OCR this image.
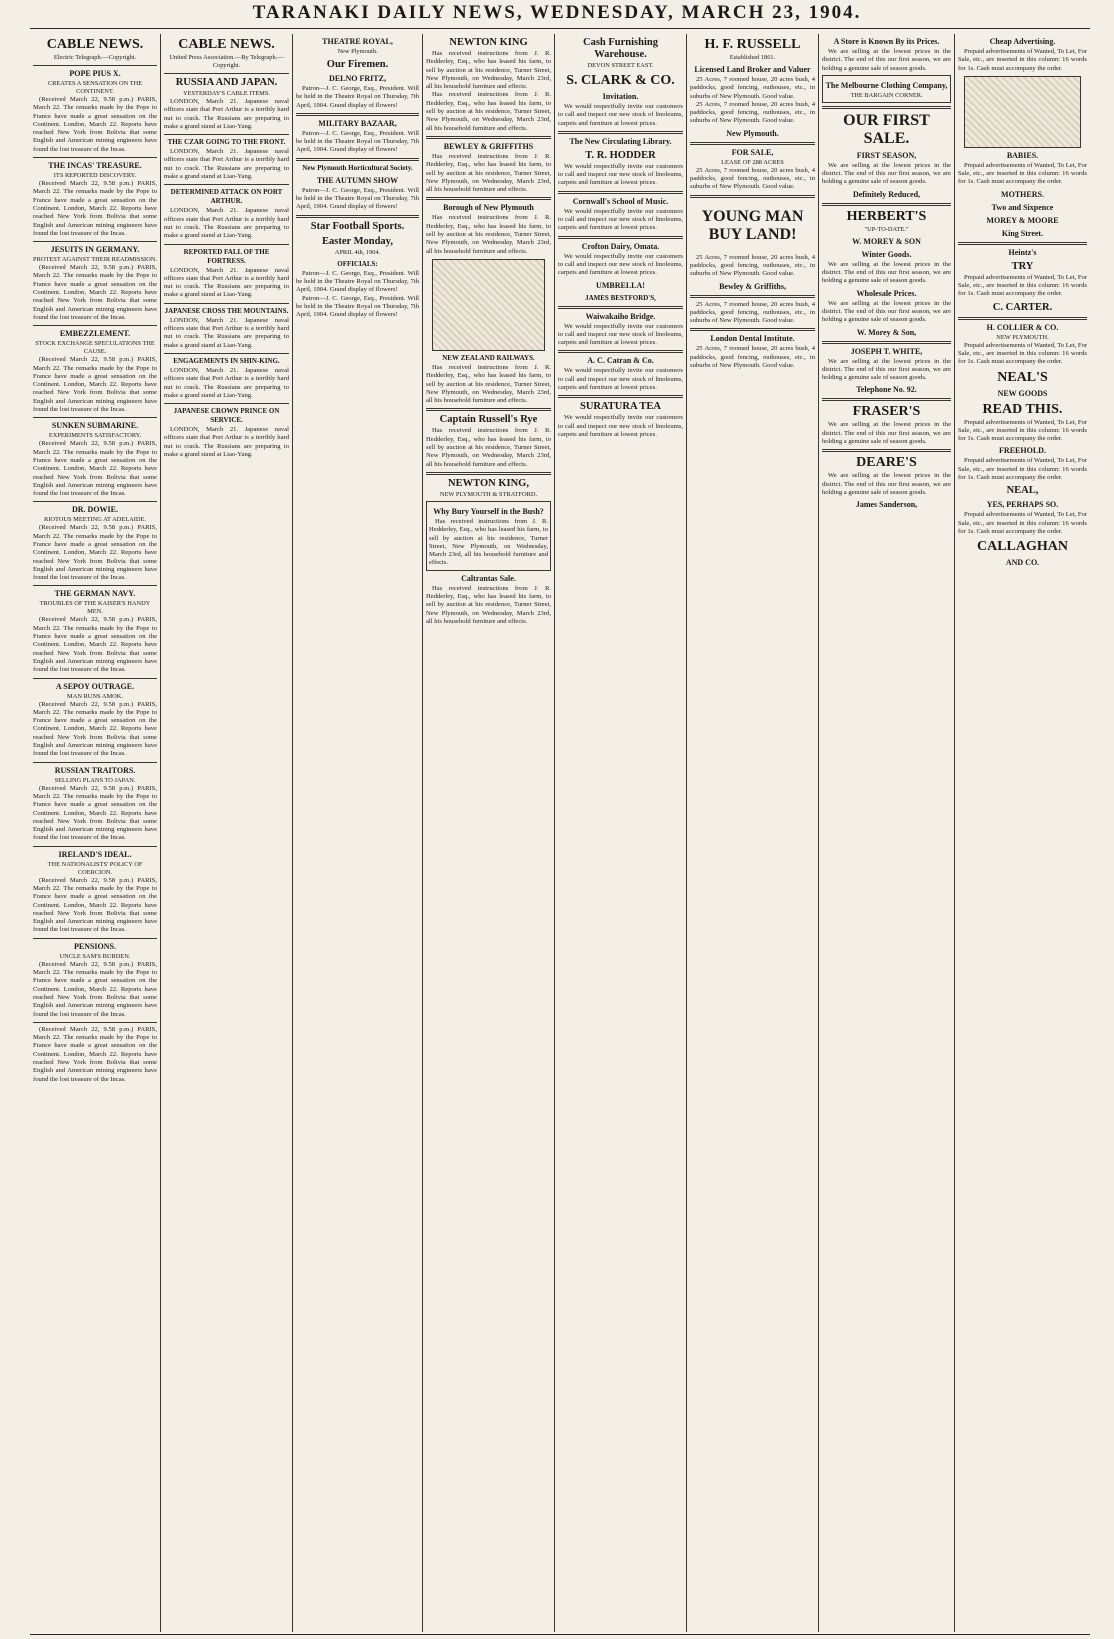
TARANAKI DAILY NEWS, WEDNESDAY, MARCH 23, 1904.
CABLE NEWS.
Electric Telegraph.—Copyright.
POPE PIUS X.
CREATES A SENSATION ON THE CONTINENT.

(Received March 22, 9.58 p.m.) PARIS, March 22. The remarks made by the Pope to France have made a great sensation on the Continent. London, March 22. Reports have reached New York from Bolivia that some English and American mining engineers have found the lost treasure of the Incas.

THE INCAS' TREASURE.
ITS REPORTED DISCOVERY.

(Received March 22, 9.58 p.m.) PARIS, March 22. The remarks made by the Pope to France have made a great sensation on the Continent. London, March 22. Reports have reached New York from Bolivia that some English and American mining engineers have found the lost treasure of the Incas.

JESUITS IN GERMANY.
PROTEST AGAINST THEIR READMISSION.

(Received March 22, 9.58 p.m.) PARIS, March 22. The remarks made by the Pope to France have made a great sensation on the Continent. London, March 22. Reports have reached New York from Bolivia that some English and American mining engineers have found the lost treasure of the Incas.

EMBEZZLEMENT.
STOCK EXCHANGE SPECULATIONS THE CAUSE.

(Received March 22, 9.58 p.m.) PARIS, March 22. The remarks made by the Pope to France have made a great sensation on the Continent. London, March 22. Reports have reached New York from Bolivia that some English and American mining engineers have found the lost treasure of the Incas.

SUNKEN SUBMARINE.
EXPERIMENTS SATISFACTORY.

(Received March 22, 9.58 p.m.) PARIS, March 22. The remarks made by the Pope to France have made a great sensation on the Continent. London, March 22. Reports have reached New York from Bolivia that some English and American mining engineers have found the lost treasure of the Incas.

DR. DOWIE.
RIOTOUS MEETING AT ADELAIDE.

(Received March 22, 9.58 p.m.) PARIS, March 22. The remarks made by the Pope to France have made a great sensation on the Continent. London, March 22. Reports have reached New York from Bolivia that some English and American mining engineers have found the lost treasure of the Incas.

THE GERMAN NAVY.
TROUBLES OF THE KAISER'S HANDY MEN.

(Received March 22, 9.58 p.m.) PARIS, March 22. The remarks made by the Pope to France have made a great sensation on the Continent. London, March 22. Reports have reached New York from Bolivia that some English and American mining engineers have found the lost treasure of the Incas.

A SEPOY OUTRAGE.
MAN RUNS AMOK.

(Received March 22, 9.58 p.m.) PARIS, March 22. The remarks made by the Pope to France have made a great sensation on the Continent. London, March 22. Reports have reached New York from Bolivia that some English and American mining engineers have found the lost treasure of the Incas.

RUSSIAN TRAITORS.
SELLING PLANS TO JAPAN.

(Received March 22, 9.58 p.m.) PARIS, March 22. The remarks made by the Pope to France have made a great sensation on the Continent. London, March 22. Reports have reached New York from Bolivia that some English and American mining engineers have found the lost treasure of the Incas.

IRELAND'S IDEAL.
THE NATIONALISTS' POLICY OF COERCION.

(Received March 22, 9.58 p.m.) PARIS, March 22. The remarks made by the Pope to France have made a great sensation on the Continent. London, March 22. Reports have reached New York from Bolivia that some English and American mining engineers have found the lost treasure of the Incas.

PENSIONS.
UNCLE SAM'S BURDEN.

(Received March 22, 9.58 p.m.) PARIS, March 22. The remarks made by the Pope to France have made a great sensation on the Continent. London, March 22. Reports have reached New York from Bolivia that some English and American mining engineers have found the lost treasure of the Incas.

(Received March 22, 9.58 p.m.) PARIS, March 22. The remarks made by the Pope to France have made a great sensation on the Continent. London, March 22. Reports have reached New York from Bolivia that some English and American mining engineers have found the lost treasure of the Incas.

CABLE NEWS.
United Press Association.—By Telegraph.—Copyright.
RUSSIA AND JAPAN.
YESTERDAY'S CABLE ITEMS.

LONDON, March 21. Japanese naval officers state that Port Arthur is a terribly hard nut to crack. The Russians are preparing to make a grand stand at Liao-Yang.

THE CZAR GOING TO THE FRONT.

LONDON, March 21. Japanese naval officers state that Port Arthur is a terribly hard nut to crack. The Russians are preparing to make a grand stand at Liao-Yang.

DETERMINED ATTACK ON PORT ARTHUR.

LONDON, March 21. Japanese naval officers state that Port Arthur is a terribly hard nut to crack. The Russians are preparing to make a grand stand at Liao-Yang.

REPORTED FALL OF THE FORTRESS.

LONDON, March 21. Japanese naval officers state that Port Arthur is a terribly hard nut to crack. The Russians are preparing to make a grand stand at Liao-Yang.

JAPANESE CROSS THE MOUNTAINS.

LONDON, March 21. Japanese naval officers state that Port Arthur is a terribly hard nut to crack. The Russians are preparing to make a grand stand at Liao-Yang.

ENGAGEMENTS IN SHIN-KING.

LONDON, March 21. Japanese naval officers state that Port Arthur is a terribly hard nut to crack. The Russians are preparing to make a grand stand at Liao-Yang.

JAPANESE CROWN PRINCE ON SERVICE.

LONDON, March 21. Japanese naval officers state that Port Arthur is a terribly hard nut to crack. The Russians are preparing to make a grand stand at Liao-Yang.

THEATRE ROYAL,
New Plymouth.
Our Firemen.
DELNO FRITZ,

Patron—J. C. George, Esq., President. Will be held in the Theatre Royal on Thursday, 7th April, 1904. Grand display of flowers!

MILITARY BAZAAR,

Patron—J. C. George, Esq., President. Will be held in the Theatre Royal on Thursday, 7th April, 1904. Grand display of flowers!

New Plymouth Horticultural Society.
THE AUTUMN SHOW

Patron—J. C. George, Esq., President. Will be held in the Theatre Royal on Thursday, 7th April, 1904. Grand display of flowers!

Star Football Sports.
Easter Monday,
APRIL 4th, 1904.
OFFICIALS:

Patron—J. C. George, Esq., President. Will be held in the Theatre Royal on Thursday, 7th April, 1904. Grand display of flowers!

Patron—J. C. George, Esq., President. Will be held in the Theatre Royal on Thursday, 7th April, 1904. Grand display of flowers!

NEWTON KING

Has received instructions from J. R. Hedderley, Esq., who has leased his farm, to sell by auction at his residence, Turner Street, New Plymouth, on Wednesday, March 23rd, all his household furniture and effects.

Has received instructions from J. R. Hedderley, Esq., who has leased his farm, to sell by auction at his residence, Turner Street, New Plymouth, on Wednesday, March 23rd, all his household furniture and effects.

BEWLEY & GRIFFITHS

Has received instructions from J. R. Hedderley, Esq., who has leased his farm, to sell by auction at his residence, Turner Street, New Plymouth, on Wednesday, March 23rd, all his household furniture and effects.

Borough of New Plymouth

Has received instructions from J. R. Hedderley, Esq., who has leased his farm, to sell by auction at his residence, Turner Street, New Plymouth, on Wednesday, March 23rd, all his household furniture and effects.

NEW ZEALAND RAILWAYS.

Has received instructions from J. R. Hedderley, Esq., who has leased his farm, to sell by auction at his residence, Turner Street, New Plymouth, on Wednesday, March 23rd, all his household furniture and effects.

Captain Russell's Rye

Has received instructions from J. R. Hedderley, Esq., who has leased his farm, to sell by auction at his residence, Turner Street, New Plymouth, on Wednesday, March 23rd, all his household furniture and effects.

NEWTON KING,
NEW PLYMOUTH & STRATFORD.
Why Bury Yourself in the Bush?

Has received instructions from J. R. Hedderley, Esq., who has leased his farm, to sell by auction at his residence, Turner Street, New Plymouth, on Wednesday, March 23rd, all his household furniture and effects.

Caltrantas Sale.

Has received instructions from J. R. Hedderley, Esq., who has leased his farm, to sell by auction at his residence, Turner Street, New Plymouth, on Wednesday, March 23rd, all his household furniture and effects.

Cash Furnishing Warehouse.
DEVON STREET EAST.
S. CLARK & CO.
Invitation.

We would respectfully invite our customers to call and inspect our new stock of linoleums, carpets and furniture at lowest prices.

The New Circulating Library.
T. R. HODDER

We would respectfully invite our customers to call and inspect our new stock of linoleums, carpets and furniture at lowest prices.

Cornwall's School of Music.

We would respectfully invite our customers to call and inspect our new stock of linoleums, carpets and furniture at lowest prices.

Crofton Dairy, Omata.

We would respectfully invite our customers to call and inspect our new stock of linoleums, carpets and furniture at lowest prices.

UMBRELLA!
JAMES BESTFORD'S,
Waiwakaiho Bridge.

We would respectfully invite our customers to call and inspect our new stock of linoleums, carpets and furniture at lowest prices.

A. C. Catran & Co.

We would respectfully invite our customers to call and inspect our new stock of linoleums, carpets and furniture at lowest prices.

SURATURA TEA

We would respectfully invite our customers to call and inspect our new stock of linoleums, carpets and furniture at lowest prices.

H. F. RUSSELL
Established 1861.
Licensed Land Broker and Valuer

25 Acres, 7 roomed house, 20 acres bush, 4 paddocks, good fencing, outhouses, etc., in suburbs of New Plymouth. Good value.

25 Acres, 7 roomed house, 20 acres bush, 4 paddocks, good fencing, outhouses, etc., in suburbs of New Plymouth. Good value.

New Plymouth.
FOR SALE,
LEASE OF 288 ACRES

25 Acres, 7 roomed house, 20 acres bush, 4 paddocks, good fencing, outhouses, etc., in suburbs of New Plymouth. Good value.

YOUNG MAN BUY LAND!

25 Acres, 7 roomed house, 20 acres bush, 4 paddocks, good fencing, outhouses, etc., in suburbs of New Plymouth. Good value.

Bewley & Griffiths,

25 Acres, 7 roomed house, 20 acres bush, 4 paddocks, good fencing, outhouses, etc., in suburbs of New Plymouth. Good value.

London Dental Institute.

25 Acres, 7 roomed house, 20 acres bush, 4 paddocks, good fencing, outhouses, etc., in suburbs of New Plymouth. Good value.

A Store is Known By its Prices.

We are selling at the lowest prices in the district. The end of this our first season, we are holding a genuine sale of season goods.

The Melbourne Clothing Company,
THE BARGAIN CORNER.
OUR FIRST SALE.
FIRST SEASON,

We are selling at the lowest prices in the district. The end of this our first season, we are holding a genuine sale of season goods.

Definitely Reduced,
HERBERT'S
"UP-TO-DATE."
W. MOREY & SON
Winter Goods.

We are selling at the lowest prices in the district. The end of this our first season, we are holding a genuine sale of season goods.

Wholesale Prices.

We are selling at the lowest prices in the district. The end of this our first season, we are holding a genuine sale of season goods.

W. Morey & Son,
JOSEPH T. WHITE,

We are selling at the lowest prices in the district. The end of this our first season, we are holding a genuine sale of season goods.

Telephone No. 92.
FRASER'S

We are selling at the lowest prices in the district. The end of this our first season, we are holding a genuine sale of season goods.

DEARE'S

We are selling at the lowest prices in the district. The end of this our first season, we are holding a genuine sale of season goods.

James Sanderson,
Cheap Advertising.

Prepaid advertisements of Wanted, To Let, For Sale, etc., are inserted in this column: 16 words for 1s. Cash must accompany the order.

BABIES.

Prepaid advertisements of Wanted, To Let, For Sale, etc., are inserted in this column: 16 words for 1s. Cash must accompany the order.

MOTHERS.
Two and Sixpence
MOREY & MOORE
King Street.
Heintz's
TRY

Prepaid advertisements of Wanted, To Let, For Sale, etc., are inserted in this column: 16 words for 1s. Cash must accompany the order.

C. CARTER.
H. COLLIER & CO.
NEW PLYMOUTH.

Prepaid advertisements of Wanted, To Let, For Sale, etc., are inserted in this column: 16 words for 1s. Cash must accompany the order.

NEAL'S
NEW GOODS
READ THIS.

Prepaid advertisements of Wanted, To Let, For Sale, etc., are inserted in this column: 16 words for 1s. Cash must accompany the order.

FREEHOLD.

Prepaid advertisements of Wanted, To Let, For Sale, etc., are inserted in this column: 16 words for 1s. Cash must accompany the order.

NEAL,
YES, PERHAPS SO.

Prepaid advertisements of Wanted, To Let, For Sale, etc., are inserted in this column: 16 words for 1s. Cash must accompany the order.

CALLAGHAN
AND CO.
